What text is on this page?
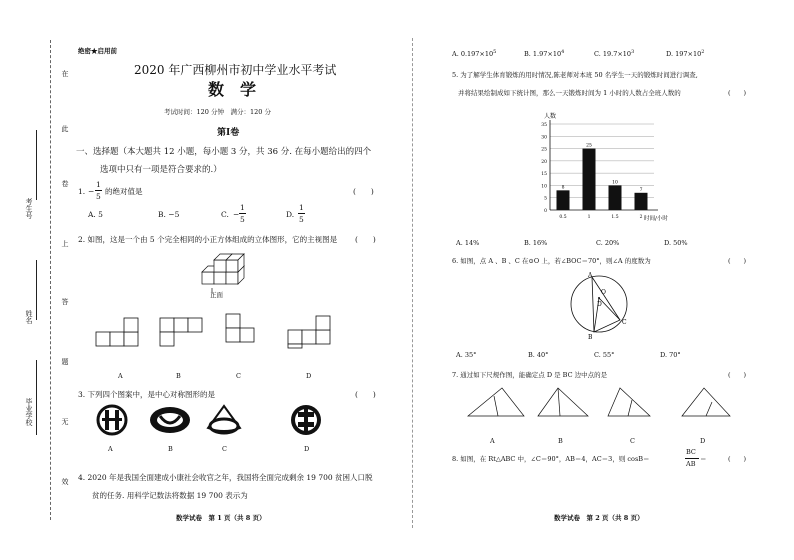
在
此
卷
上
答
题
无
效
考生号
姓名
毕业学校
绝密★启用前
2020 年广西柳州市初中学业水平考试
数　学
考试时间：120 分钟　满分：120 分
第Ⅰ卷
一、选择题（本大题共 12 小题，每小题 3 分，共 36 分. 在每小题给出的四个
选项中只有一项是符合要求的.）
1. −
1
5
的绝对值是	(　　)
A. 5	B. −5	C. −
1
5
D.
1
5
2. 如图，这是一个由 5 个完全相同的小正方体组成的立体图形，它的主视图是 (　　)
正面
A	B	C	D
3. 下列四个图案中，是中心对称图形的是	(　　)
A	B	C	D
4. 2020 年是我国全面建成小康社会收官之年，我国将全面完成剩余 19 700 贫困人口脱
贫的任务. 用科学记数法将数据 19 700 表示为
数学试卷　第 1 页（共 8 页）
A. $0.197\times 10^5$	B. $1.97\times 10^4$	C. $19.7\times 10^3$	D. $197\times 10^2$
5. 为了解学生体育锻炼的用时情况,陈老师对本班 50 名学生一天的锻炼时间进行调查,
并将结果绘制成如下统计图，那么一天锻炼时间为 1 小时的人数占全班人数的	(　　)
人数
时间/小时
0
5
10
15
20
25
30
35
8
0.5
25
1
10
1.5
7
2
A. 14%	B. 16%	C. 20%	D. 50%
6. 如图，点 A 、B 、C 在⊙O 上，若∠BOC＝70°，则∠A 的度数为	(　　)
A
O
D
B
C
A. 35°	B. 40°	C. 55°	D. 70°
7. 通过如下尺规作图，能确定点 D 是 BC 边中点的是	(　　)
A	B	C	D
8. 如图，在 Rt△ABC 中，∠C＝90°，AB＝4，AC＝3，则 cosB＝
BC
AB
＝	(　　)
数学试卷　第 2 页（共 8 页）
